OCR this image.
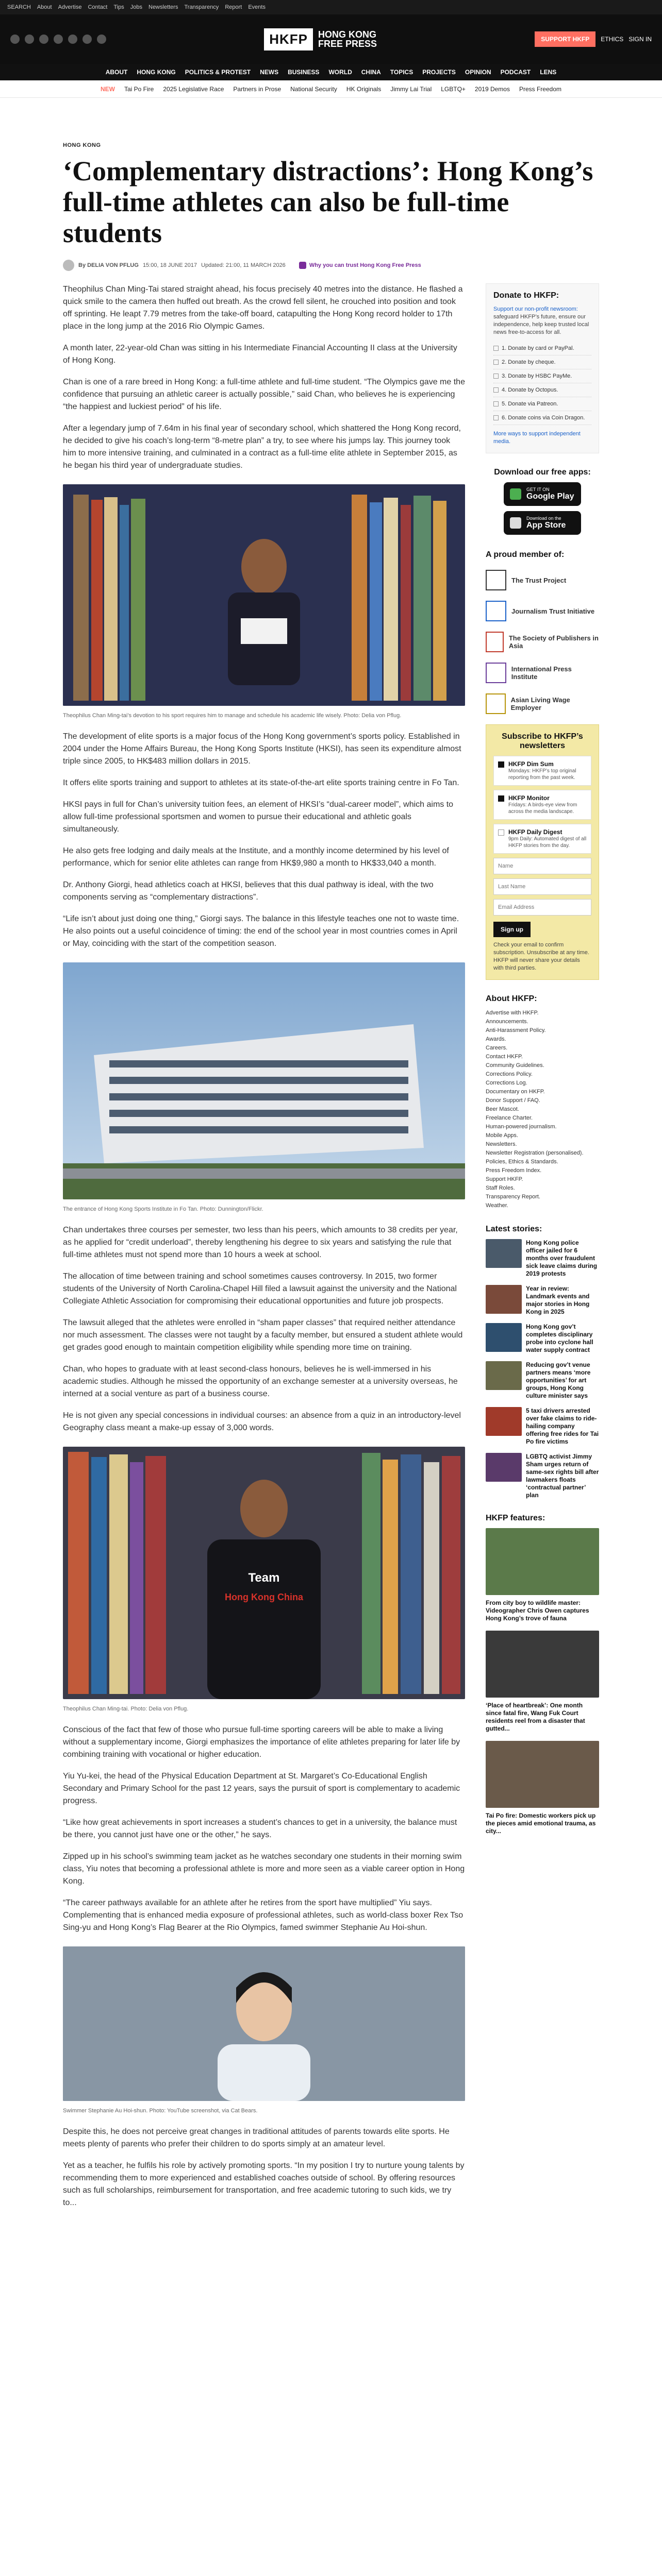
SEARCH About Advertise Contact Tips Jobs Newsletters Transparency Report Events
HKFP	HONG KONG
FREE PRESS	SUPPORT HKFP	ETHICS SIGN IN
ABOUT HONG KONG POLITICS & PROTEST NEWS BUSINESS WORLD CHINA TOPICS PROJECTS OPINION PODCAST LENS
NEW Tai Po Fire 2025 Legislative Race Partners in Prose National Security HK Originals Jimmy Lai Trial LGBTQ+ 2019 Demos Press Freedom
HONG KONG
‘Complementary distractions’: Hong Kong’s full-time athletes can also be full-time students
By DELIA VON PFLUG 15:00, 18 JUNE 2017 Updated: 21:00, 11 MARCH 2026	Why you can trust Hong Kong Free Press

Theophilus Chan Ming-Tai stared straight ahead, his focus precisely 40 metres into the distance. He flashed a quick smile to the camera then huffed out breath. As the crowd fell silent, he crouched into position and took off sprinting. He leapt 7.79 metres from the take-off board, catapulting the Hong Kong record holder to 17th place in the long jump at the 2016 Rio Olympic Games.

A month later, 22-year-old Chan was sitting in his Intermediate Financial Accounting II class at the University of Hong Kong.

Chan is one of a rare breed in Hong Kong: a full-time athlete and full-time student. “The Olympics gave me the confidence that pursuing an athletic career is actually possible,” said Chan, who believes he is experiencing “the happiest and luckiest period” of his life.

After a legendary jump of 7.64m in his final year of secondary school, which shattered the Hong Kong record, he decided to give his coach’s long-term “8-metre plan” a try, to see where his jumps lay. This journey took him to more intensive training, and culminated in a contract as a full-time elite athlete in September 2015, as he began his third year of undergraduate studies.

Theophilus Chan Ming-tai’s devotion to his sport requires him to manage and schedule his academic life wisely. Photo: Delia von Pflug.

The development of elite sports is a major focus of the Hong Kong government’s sports policy. Established in 2004 under the Home Affairs Bureau, the Hong Kong Sports Institute (HKSI), has seen its expenditure almost triple since 2005, to HK$483 million dollars in 2015.

It offers elite sports training and support to athletes at its state-of-the-art elite sports training centre in Fo Tan.

HKSI pays in full for Chan’s university tuition fees, an element of HKSI’s “dual-career model”, which aims to allow full-time professional sportsmen and women to pursue their educational and athletic goals simultaneously.

He also gets free lodging and daily meals at the Institute, and a monthly income determined by his level of performance, which for senior elite athletes can range from HK$9,980 a month to HK$33,040 a month.

Dr. Anthony Giorgi, head athletics coach at HKSI, believes that this dual pathway is ideal, with the two components serving as “complementary distractions”.

“Life isn’t about just doing one thing,” Giorgi says. The balance in this lifestyle teaches one not to waste time. He also points out a useful coincidence of timing: the end of the school year in most countries comes in April or May, coinciding with the start of the competition season.

The entrance of Hong Kong Sports Institute in Fo Tan. Photo: Dunnington/Flickr.

Chan undertakes three courses per semester, two less than his peers, which amounts to 38 credits per year, as he applied for “credit underload”, thereby lengthening his degree to six years and satisfying the rule that full-time athletes must not spend more than 10 hours a week at school.

The allocation of time between training and school sometimes causes controversy. In 2015, two former students of the University of North Carolina-Chapel Hill filed a lawsuit against the university and the National Collegiate Athletic Association for compromising their educational opportunities and future job prospects.

The lawsuit alleged that the athletes were enrolled in “sham paper classes” that required neither attendance nor much assessment. The classes were not taught by a faculty member, but ensured a student athlete would get grades good enough to maintain competition eligibility while spending more time on training.

Chan, who hopes to graduate with at least second-class honours, believes he is well-immersed in his academic studies. Although he missed the opportunity of an exchange semester at a university overseas, he interned at a social venture as part of a business course.

He is not given any special concessions in individual courses: an absence from a quiz in an introductory-level Geography class meant a make-up essay of 3,000 words.

Team
Hong Kong China
Theophilus Chan Ming-tai. Photo: Delia von Pflug.

Conscious of the fact that few of those who pursue full-time sporting careers will be able to make a living without a supplementary income, Giorgi emphasizes the importance of elite athletes preparing for later life by combining training with vocational or higher education.

Yiu Yu-kei, the head of the Physical Education Department at St. Margaret’s Co-Educational English Secondary and Primary School for the past 12 years, says the pursuit of sport is complementary to academic progress.

“Like how great achievements in sport increases a student’s chances to get in a university, the balance must be there, you cannot just have one or the other,” he says.

Zipped up in his school’s swimming team jacket as he watches secondary one students in their morning swim class, Yiu notes that becoming a professional athlete is more and more seen as a viable career option in Hong Kong.

“The career pathways available for an athlete after he retires from the sport have multiplied” Yiu says. Complementing that is enhanced media exposure of professional athletes, such as world-class boxer Rex Tso Sing-yu and Hong Kong’s Flag Bearer at the Rio Olympics, famed swimmer Stephanie Au Hoi-shun.

Swimmer Stephanie Au Hoi-shun. Photo: YouTube screenshot, via Cat Bears.

Despite this, he does not perceive great changes in traditional attitudes of parents towards elite sports. He meets plenty of parents who prefer their children to do sports simply at an amateur level.

Yet as a teacher, he fulfils his role by actively promoting sports. “In my position I try to nurture young talents by recommending them to more experienced and established coaches outside of school. By offering resources such as full scholarships, reimbursement for transportation, and free academic tutoring to such kids, we try to...

Donate to HKFP:
Support our non-profit newsroom: safeguard HKFP’s future, ensure our independence, help keep trusted local news free-to-access for all.
1. Donate by card or PayPal.
2. Donate by cheque.
3. Donate by HSBC PayMe.
4. Donate by Octopus.
5. Donate via Patreon.
6. Donate coins via Coin Dragon.
More ways to support independent media.
Download our free apps:
GET IT ON
Google Play
Download on the
App Store
A proud member of:
The Trust Project
Journalism Trust Initiative
The Society of Publishers in Asia
International Press Institute
Asian Living Wage Employer
Subscribe to HKFP’s newsletters
HKFP Dim Sum
Mondays: HKFP’s top original reporting from the past week.
HKFP Monitor
Fridays: A birds-eye view from across the media landscape.
HKFP Daily Digest
9pm Daily: Automated digest of all HKFP stories from the day.
Name Last Name Email Address Sign up
Check your email to confirm subscription. Unsubscribe at any time. HKFP will never share your details with third parties.
About HKFP:
Advertise with HKFP.
Announcements.
Anti-Harassment Policy.
Awards.
Careers.
Contact HKFP.
Community Guidelines.
Corrections Policy.
Corrections Log.
Documentary on HKFP.
Donor Support / FAQ.
Beer Mascot.
Freelance Charter.
Human-powered journalism.
Mobile Apps.
Newsletters.
Newsletter Registration (personalised).
Policies, Ethics & Standards.
Press Freedom Index.
Support HKFP.
Staff Roles.
Transparency Report.
Weather.
Latest stories:
Hong Kong police officer jailed for 6 months over fraudulent sick leave claims during 2019 protests
Year in review: Landmark events and major stories in Hong Kong in 2025
Hong Kong gov’t completes disciplinary probe into cyclone hall water supply contract
Reducing gov’t venue partners means ‘more opportunities’ for art groups, Hong Kong culture minister says
5 taxi drivers arrested over fake claims to ride-hailing company offering free rides for Tai Po fire victims
LGBTQ activist Jimmy Sham urges return of same-sex rights bill after lawmakers floats ‘contractual partner’ plan
HKFP features:
From city boy to wildlife master: Videographer Chris Owen captures Hong Kong’s trove of fauna
‘Place of heartbreak’: One month since fatal fire, Wang Fuk Court residents reel from a disaster that gutted...
Tai Po fire: Domestic workers pick up the pieces amid emotional trauma, as city...
